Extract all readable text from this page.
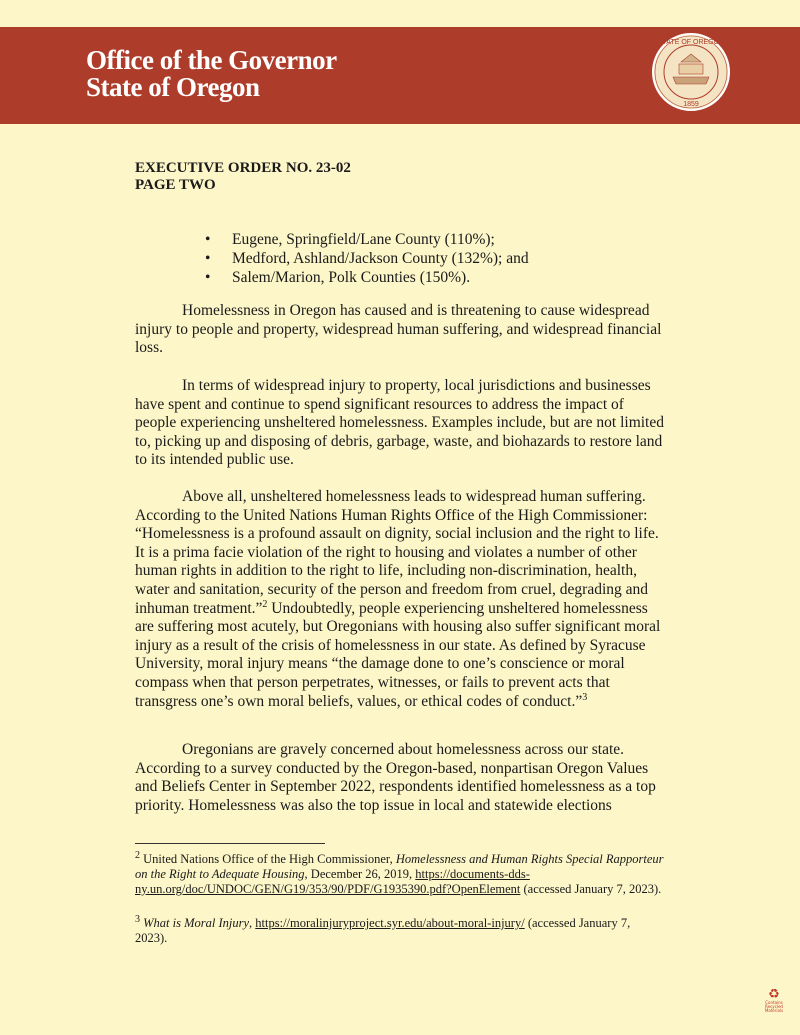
Office of the Governor
State of Oregon
STATE OF OREGON
1859
EXECUTIVE ORDER NO. 23-02
PAGE TWO
• Eugene, Springfield/Lane County (110%);
• Medford, Ashland/Jackson County (132%); and
• Salem/Marion, Polk Counties (150%).

Homelessness in Oregon has caused and is threatening to cause widespread injury to people and property, widespread human suffering, and widespread financial loss.

In terms of widespread injury to property, local jurisdictions and businesses have spent and continue to spend significant resources to address the impact of people experiencing unsheltered homelessness. Examples include, but are not limited to, picking up and disposing of debris, garbage, waste, and biohazards to restore land to its intended public use.

Above all, unsheltered homelessness leads to widespread human suffering. According to the United Nations Human Rights Office of the High Commissioner: “Homelessness is a profound assault on dignity, social inclusion and the right to life. It is a prima facie violation of the right to housing and violates a number of other human rights in addition to the right to life, including non-discrimination, health, water and sanitation, security of the person and freedom from cruel, degrading and inhuman treatment.”$^2$ Undoubtedly, people experiencing unsheltered homelessness are suffering most acutely, but Oregonians with housing also suffer significant moral injury as a result of the crisis of homelessness in our state. As defined by Syracuse University, moral injury means “the damage done to one’s conscience or moral compass when that person perpetrates, witnesses, or fails to prevent acts that transgress one’s own moral beliefs, values, or ethical codes of conduct.”$^3$

Oregonians are gravely concerned about homelessness across our state. According to a survey conducted by the Oregon-based, nonpartisan Oregon Values and Beliefs Center in September 2022, respondents identified homelessness as a top priority. Homelessness was also the top issue in local and statewide elections

$^2$ United Nations Office of the High Commissioner, Homelessness and Human Rights Special Rapporteur on the Right to Adequate Housing, December 26, 2019, https://documents-dds-ny.un.org/doc/UNDOC/GEN/G19/353/90/PDF/G1935390.pdf?OpenElement (accessed January 7, 2023).

$^3$ What is Moral Injury, https://moralinjuryproject.syr.edu/about-moral-injury/ (accessed January 7, 2023).

♻
Contains
Recycled
Materials
